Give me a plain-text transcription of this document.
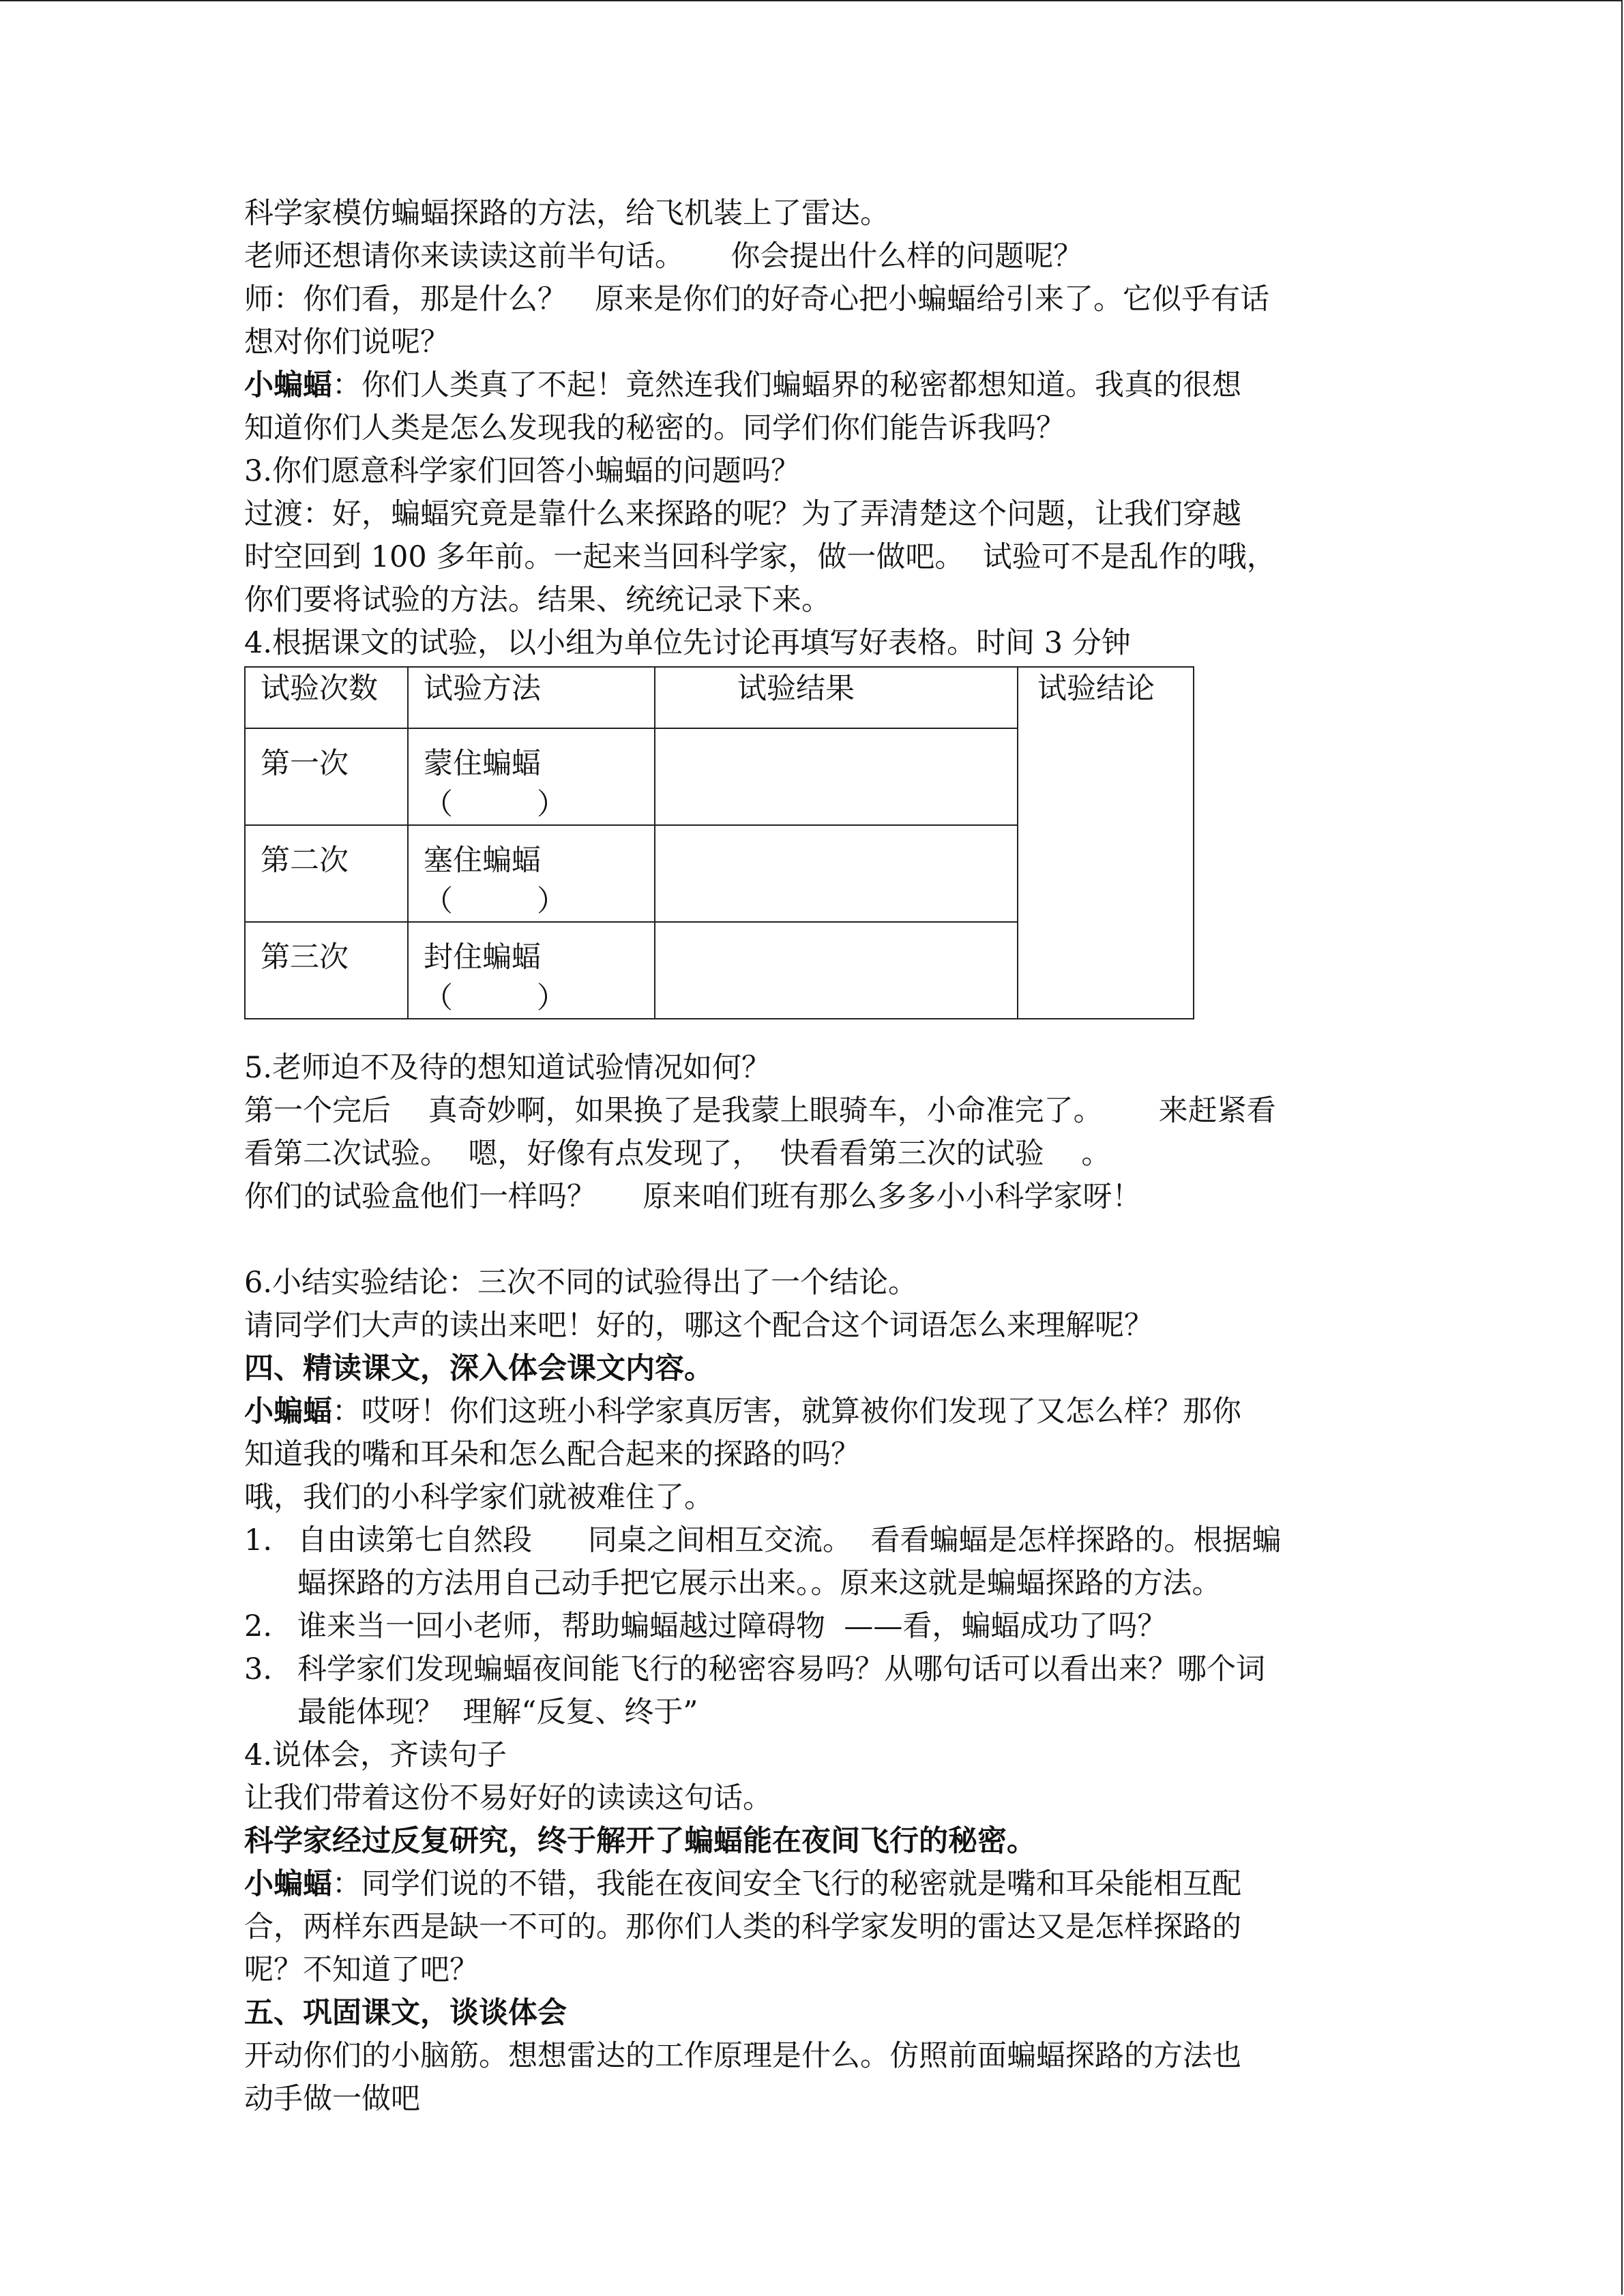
科学家模仿蝙蝠探路的方法，给飞机装上了雷达。
老师还想请你来读读这前半句话。     你会提出什么样的问题呢？
师：你们看，那是什么？   原来是你们的好奇心把小蝙蝠给引来了。它似乎有话
想对你们说呢？
小蝙蝠：你们人类真了不起！竟然连我们蝙蝠界的秘密都想知道。我真的很想
知道你们人类是怎么发现我的秘密的。同学们你们能告诉我吗？
3.你们愿意科学家们回答小蝙蝠的问题吗？
过渡：好，蝙蝠究竟是靠什么来探路的呢？为了弄清楚这个问题，让我们穿越
时空回到 100 多年前。一起来当回科学家，做一做吧。  试验可不是乱作的哦，
你们要将试验的方法。结果、统统记录下来。
4.根据课文的试验，以小组为单位先讨论再填写好表格。时间 3 分钟
试验次数	试验方法	试验结果	试验结论

第一次	蒙住蝙蝠
（         ）		

第二次	塞住蝙蝠
（         ）		

第三次	封住蝙蝠
（         ）		

5.老师迫不及待的想知道试验情况如何？
第一个完后    真奇妙啊，如果换了是我蒙上眼骑车，小命准完了。      来赶紧看
看第二次试验。  嗯，好像有点发现了，  快看看第三次的试验    。
你们的试验盒他们一样吗？     原来咱们班有那么多多小小科学家呀！
6.小结实验结论：三次不同的试验得出了一个结论。
请同学们大声的读出来吧！好的，哪这个配合这个词语怎么来理解呢？
四、精读课文，深入体会课文内容。
小蝙蝠：哎呀！你们这班小科学家真厉害，就算被你们发现了又怎么样？那你
知道我的嘴和耳朵和怎么配合起来的探路的吗？
哦，我们的小科学家们就被难住了。
1. 自由读第七自然段      同桌之间相互交流。  看看蝙蝠是怎样探路的。根据蝙
蝠探路的方法用自己动手把它展示出来。。原来这就是蝙蝠探路的方法。
2. 谁来当一回小老师，帮助蝙蝠越过障碍物  ——看，蝙蝠成功了吗？
3. 科学家们发现蝙蝠夜间能飞行的秘密容易吗？从哪句话可以看出来？哪个词
最能体现？  理解“反复、终于”
4.说体会，齐读句子
让我们带着这份不易好好的读读这句话。
科学家经过反复研究，终于解开了蝙蝠能在夜间飞行的秘密。
小蝙蝠：同学们说的不错，我能在夜间安全飞行的秘密就是嘴和耳朵能相互配
合，两样东西是缺一不可的。那你们人类的科学家发明的雷达又是怎样探路的
呢？不知道了吧？
五、巩固课文，谈谈体会
开动你们的小脑筋。想想雷达的工作原理是什么。仿照前面蝙蝠探路的方法也
动手做一做吧
